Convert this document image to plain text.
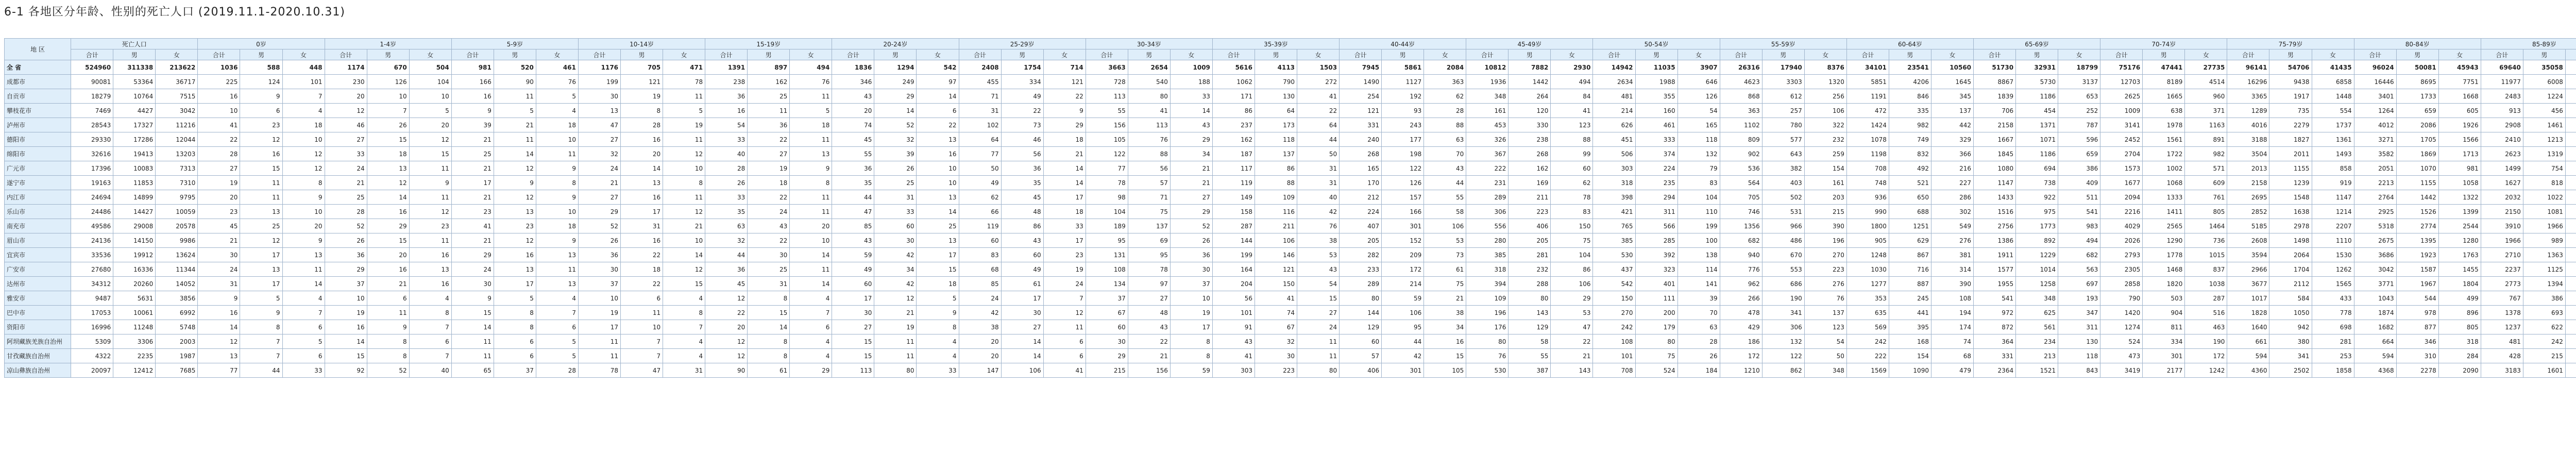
6-1 各地区分年龄、性别的死亡人口 (2019.11.1-2020.10.31)
地 区	死亡人口	0岁	1-4岁	5-9岁	10-14岁	15-19岁	20-24岁	25-29岁	30-34岁	35-39岁	40-44岁	45-49岁	50-54岁	55-59岁	60-64岁	65-69岁	70-74岁	75-79岁	80-84岁	85-89岁			
合计	男	女	合计	男	女	合计	男	女	合计	男	女	合计	男	女	合计	男	女	合计	男	女	合计	男	女	合计	男	女	合计	男	女	合计	男	女	合计	男	女	合计	男	女	合计	男	女	合计	男	女	合计	男	女	合计	男	女	合计	男	女	合计	男	女	合计	男										
全 省	524960	311338	213622	1036	588	448	1174	670	504	981	520	461	1176	705	471	1391	897	494	1836	1294	542	2408	1754	714	3663	2654	1009	5616	4113	1503	7945	5861	2084	10812	7882	2930	14942	11035	3907	26316	17940	8376	34101	23541	10560	51730	32931	18799	75176	47441	27735	96141	54706	41435	96024	50081	45943	69640	35058										
成都市	90081	53364	36717	225	124	101	230	126	104	166	90	76	199	121	78	238	162	76	346	249	97	455	334	121	728	540	188	1062	790	272	1490	1127	363	1936	1442	494	2634	1988	646	4623	3303	1320	5851	4206	1645	8867	5730	3137	12703	8189	4514	16296	9438	6858	16446	8695	7751	11977	6008										
自贡市	18279	10764	7515	16	9	7	20	10	10	16	11	5	30	19	11	36	25	11	43	29	14	71	49	22	113	80	33	171	130	41	254	192	62	348	264	84	481	355	126	868	612	256	1191	846	345	1839	1186	653	2625	1665	960	3365	1917	1448	3401	1733	1668	2483	1224										
攀枝花市	7469	4427	3042	10	6	4	12	7	5	9	5	4	13	8	5	16	11	5	20	14	6	31	22	9	55	41	14	86	64	22	121	93	28	161	120	41	214	160	54	363	257	106	472	335	137	706	454	252	1009	638	371	1289	735	554	1264	659	605	913	456										
泸州市	28543	17327	11216	41	23	18	46	26	20	39	21	18	47	28	19	54	36	18	74	52	22	102	73	29	156	113	43	237	173	64	331	243	88	453	330	123	626	461	165	1102	780	322	1424	982	442	2158	1371	787	3141	1978	1163	4016	2279	1737	4012	2086	1926	2908	1461										
德阳市	29330	17286	12044	22	12	10	27	15	12	21	11	10	27	16	11	33	22	11	45	32	13	64	46	18	105	76	29	162	118	44	240	177	63	326	238	88	451	333	118	809	577	232	1078	749	329	1667	1071	596	2452	1561	891	3188	1827	1361	3271	1705	1566	2410	1213										
绵阳市	32616	19413	13203	28	16	12	33	18	15	25	14	11	32	20	12	40	27	13	55	39	16	77	56	21	122	88	34	187	137	50	268	198	70	367	268	99	506	374	132	902	643	259	1198	832	366	1845	1186	659	2704	1722	982	3504	2011	1493	3582	1869	1713	2623	1319										
广元市	17396	10083	7313	27	15	12	24	13	11	21	12	9	24	14	10	28	19	9	36	26	10	50	36	14	77	56	21	117	86	31	165	122	43	222	162	60	303	224	79	536	382	154	708	492	216	1080	694	386	1573	1002	571	2013	1155	858	2051	1070	981	1499	754										
遂宁市	19163	11853	7310	19	11	8	21	12	9	17	9	8	21	13	8	26	18	8	35	25	10	49	35	14	78	57	21	119	88	31	170	126	44	231	169	62	318	235	83	564	403	161	748	521	227	1147	738	409	1677	1068	609	2158	1239	919	2213	1155	1058	1627	818										
内江市	24694	14899	9795	20	11	9	25	14	11	21	12	9	27	16	11	33	22	11	44	31	13	62	45	17	98	71	27	149	109	40	212	157	55	289	211	78	398	294	104	705	502	203	936	650	286	1433	922	511	2094	1333	761	2695	1548	1147	2764	1442	1322	2032	1022										
乐山市	24486	14427	10059	23	13	10	28	16	12	23	13	10	29	17	12	35	24	11	47	33	14	66	48	18	104	75	29	158	116	42	224	166	58	306	223	83	421	311	110	746	531	215	990	688	302	1516	975	541	2216	1411	805	2852	1638	1214	2925	1526	1399	2150	1081										
南充市	49586	29008	20578	45	25	20	52	29	23	41	23	18	52	31	21	63	43	20	85	60	25	119	86	33	189	137	52	287	211	76	407	301	106	556	406	150	765	566	199	1356	966	390	1800	1251	549	2756	1773	983	4029	2565	1464	5185	2978	2207	5318	2774	2544	3910	1966										
眉山市	24136	14150	9986	21	12	9	26	15	11	21	12	9	26	16	10	32	22	10	43	30	13	60	43	17	95	69	26	144	106	38	205	152	53	280	205	75	385	285	100	682	486	196	905	629	276	1386	892	494	2026	1290	736	2608	1498	1110	2675	1395	1280	1966	989										
宜宾市	33536	19912	13624	30	17	13	36	20	16	29	16	13	36	22	14	44	30	14	59	42	17	83	60	23	131	95	36	199	146	53	282	209	73	385	281	104	530	392	138	940	670	270	1248	867	381	1911	1229	682	2793	1778	1015	3594	2064	1530	3686	1923	1763	2710	1363										
广安市	27680	16336	11344	24	13	11	29	16	13	24	13	11	30	18	12	36	25	11	49	34	15	68	49	19	108	78	30	164	121	43	233	172	61	318	232	86	437	323	114	776	553	223	1030	716	314	1577	1014	563	2305	1468	837	2966	1704	1262	3042	1587	1455	2237	1125										
达州市	34312	20260	14052	31	17	14	37	21	16	30	17	13	37	22	15	45	31	14	60	42	18	85	61	24	134	97	37	204	150	54	289	214	75	394	288	106	542	401	141	962	686	276	1277	887	390	1955	1258	697	2858	1820	1038	3677	2112	1565	3771	1967	1804	2773	1394										
雅安市	9487	5631	3856	9	5	4	10	6	4	9	5	4	10	6	4	12	8	4	17	12	5	24	17	7	37	27	10	56	41	15	80	59	21	109	80	29	150	111	39	266	190	76	353	245	108	541	348	193	790	503	287	1017	584	433	1043	544	499	767	386										
巴中市	17053	10061	6992	16	9	7	19	11	8	15	8	7	19	11	8	22	15	7	30	21	9	42	30	12	67	48	19	101	74	27	144	106	38	196	143	53	270	200	70	478	341	137	635	441	194	972	625	347	1420	904	516	1828	1050	778	1874	978	896	1378	693										
资阳市	16996	11248	5748	14	8	6	16	9	7	14	8	6	17	10	7	20	14	6	27	19	8	38	27	11	60	43	17	91	67	24	129	95	34	176	129	47	242	179	63	429	306	123	569	395	174	872	561	311	1274	811	463	1640	942	698	1682	877	805	1237	622										
阿坝藏族羌族自治州	5309	3306	2003	12	7	5	14	8	6	11	6	5	11	7	4	12	8	4	15	11	4	20	14	6	30	22	8	43	32	11	60	44	16	80	58	22	108	80	28	186	132	54	242	168	74	364	234	130	524	334	190	661	380	281	664	346	318	481	242										
甘孜藏族自治州	4322	2235	1987	13	7	6	15	8	7	11	6	5	11	7	4	12	8	4	15	11	4	20	14	6	29	21	8	41	30	11	57	42	15	76	55	21	101	75	26	172	122	50	222	154	68	331	213	118	473	301	172	594	341	253	594	310	284	428	215										
凉山彝族自治州	20097	12412	7685	77	44	33	92	52	40	65	37	28	78	47	31	90	61	29	113	80	33	147	106	41	215	156	59	303	223	80	406	301	105	530	387	143	708	524	184	1210	862	348	1569	1090	479	2364	1521	843	3419	2177	1242	4360	2502	1858	4368	2278	2090	3183	1601										
